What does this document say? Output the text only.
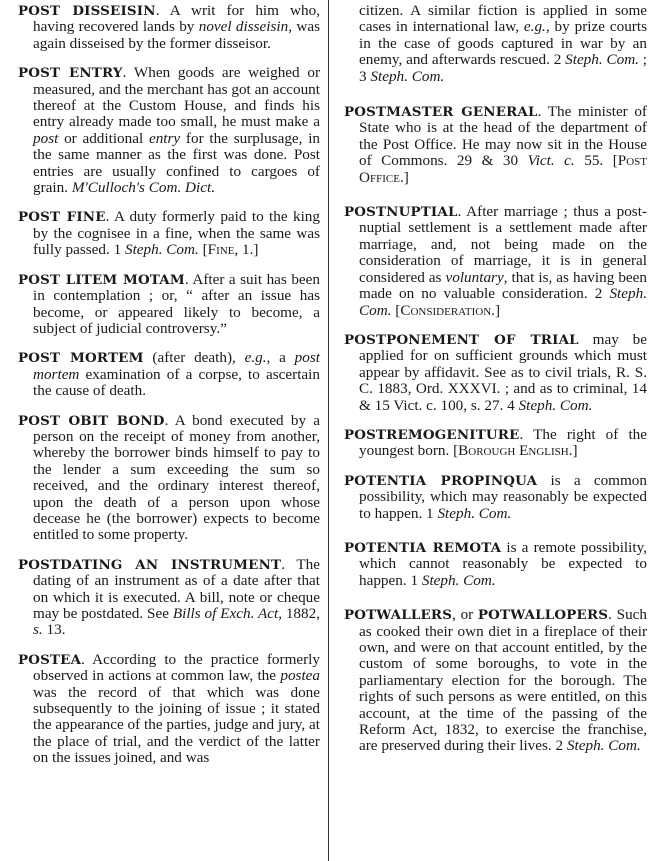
POST DISSEISIN. A writ for him who, having recovered lands by novel disseisin, was again disseised by the former disseisor.

POST ENTRY. When goods are weighed or measured, and the merchant has got an account thereof at the Custom House, and finds his entry already made too small, he must make a post or additional entry for the surplusage, in the same manner as the first was done. Post entries are usually confined to cargoes of grain. M'Culloch's Com. Dict.

POST FINE. A duty formerly paid to the king by the cognisee in a fine, when the same was fully passed. 1 Steph. Com. [Fine, 1.]

POST LITEM MOTAM. After a suit has been in contemplation ; or, “ after an issue has become, or appeared likely to become, a subject of judicial controversy.”

POST MORTEM (after death), e.g., a post mortem examination of a corpse, to ascertain the cause of death.

POST OBIT BOND. A bond executed by a person on the receipt of money from another, whereby the borrower binds himself to pay to the lender a sum exceeding the sum so received, and the ordinary interest thereof, upon the death of a person upon whose decease he (the borrower) expects to become entitled to some property.

POSTDATING AN INSTRUMENT. The dating of an instrument as of a date after that on which it is executed. A bill, note or cheque may be postdated. See Bills of Exch. Act, 1882, s. 13.

POSTEA. According to the practice formerly observed in actions at common law, the postea was the record of that which was done subsequently to the joining of issue ; it stated the appearance of the parties, judge and jury, at the place of trial, and the verdict of the latter on the issues joined, and was

citizen. A similar fiction is applied in some cases in international law, e.g., by prize courts in the case of goods captured in war by an enemy, and afterwards rescued. 2 Steph. Com. ; 3 Steph. Com.

POSTMASTER GENERAL. The minister of State who is at the head of the department of the Post Office. He may now sit in the House of Commons. 29 & 30 Vict. c. 55. [Post Office.]

POSTNUPTIAL. After marriage ; thus a post-nuptial settlement is a settlement made after marriage, and, not being made on the consideration of marriage, it is in general considered as voluntary, that is, as having been made on no valuable consideration. 2 Steph. Com. [Consideration.]

POSTPONEMENT OF TRIAL may be applied for on sufficient grounds which must appear by affidavit. See as to civil trials, R. S. C. 1883, Ord. XXXVI. ; and as to criminal, 14 & 15 Vict. c. 100, s. 27. 4 Steph. Com.

POSTREMOGENITURE. The right of the youngest born. [Borough English.]

POTENTIA PROPINQUA is a common possibility, which may reasonably be expected to happen. 1 Steph. Com.

POTENTIA REMOTA is a remote possibility, which cannot reasonably be expected to happen. 1 Steph. Com.

POTWALLERS, or POTWALLOPERS. Such as cooked their own diet in a fireplace of their own, and were on that account entitled, by the custom of some boroughs, to vote in the parliamentary election for the borough. The rights of such persons as were entitled, on this account, at the time of the passing of the Reform Act, 1832, to exercise the franchise, are preserved during their lives. 2 Steph. Com.
